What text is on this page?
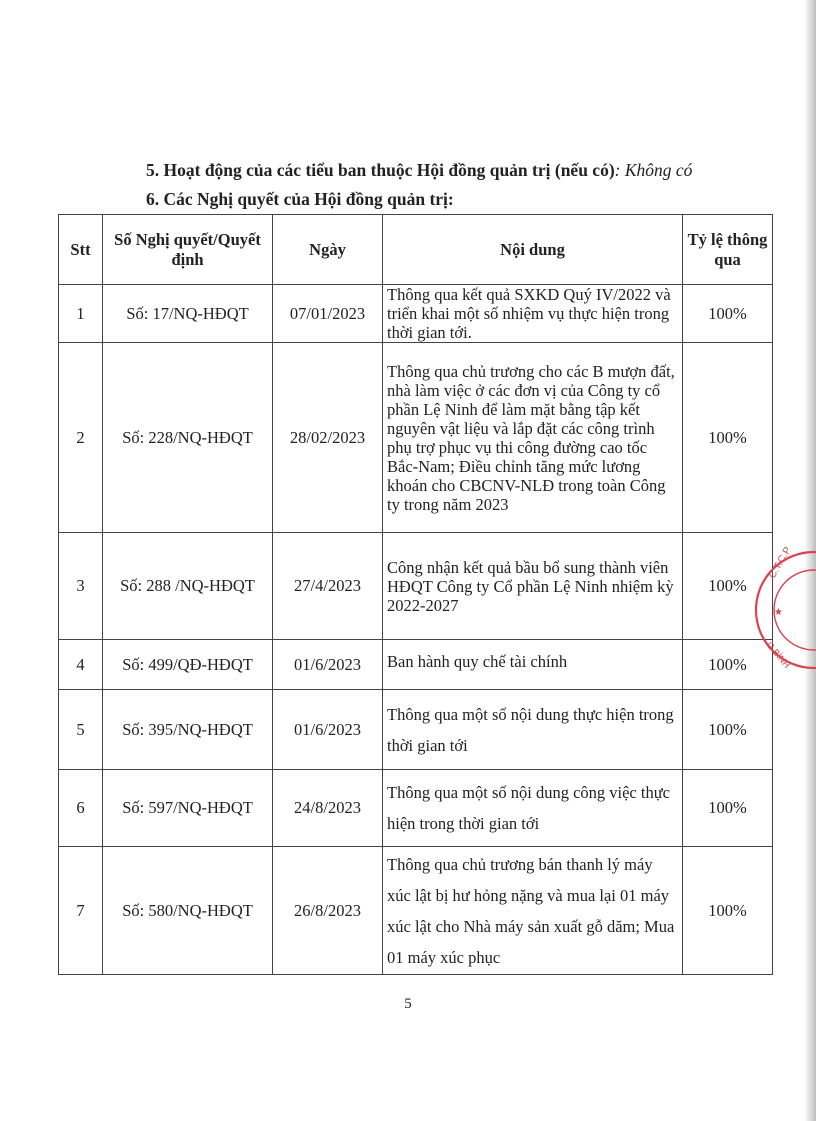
5. Hoạt động của các tiểu ban thuộc Hội đồng quản trị (nếu có): Không có
6. Các Nghị quyết của Hội đồng quản trị:
Stt	Số Nghị quyết/Quyết định	Ngày	Nội dung	Tỷ lệ thông qua
1	Số: 17/NQ-HĐQT	07/01/2023	Thông qua kết quả SXKD Quý IV/2022 và triển khai một số nhiệm vụ thực hiện trong thời gian tới.	100%
2	Số: 228/NQ-HĐQT	28/02/2023	Thông qua chủ trương cho các B mượn đất, nhà làm việc ở các đơn vị của Công ty cổ phần Lệ Ninh để làm mặt bằng tập kết nguyên vật liệu và lắp đặt các công trình phụ trợ phục vụ thi công đường cao tốc Bắc-Nam; Điều chỉnh tăng mức lương khoán cho CBCNV-NLĐ trong toàn Công ty trong năm 2023	100%
3	Số: 288 /NQ-HĐQT	27/4/2023	Công nhận kết quả bầu bổ sung thành viên HĐQT Công ty Cổ phần Lệ Ninh nhiệm kỳ 2022-2027	100%
4	Số: 499/QĐ-HĐQT	01/6/2023	Ban hành quy chế tài chính	100%
5	Số: 395/NQ-HĐQT	01/6/2023	Thông qua một số nội dung thực hiện trong thời gian tới	100%
6	Số: 597/NQ-HĐQT	24/8/2023	Thông qua một số nội dung công việc thực hiện trong thời gian tới	100%
7	Số: 580/NQ-HĐQT	26/8/2023	Thông qua chủ trương bán thanh lý máy xúc lật bị hư hỏng nặng và mua lại 01 máy xúc lật cho Nhà máy sản xuất gỗ dăm; Mua 01 máy xúc phục	100%
5
C.T.C.P
★
G BÌNH
